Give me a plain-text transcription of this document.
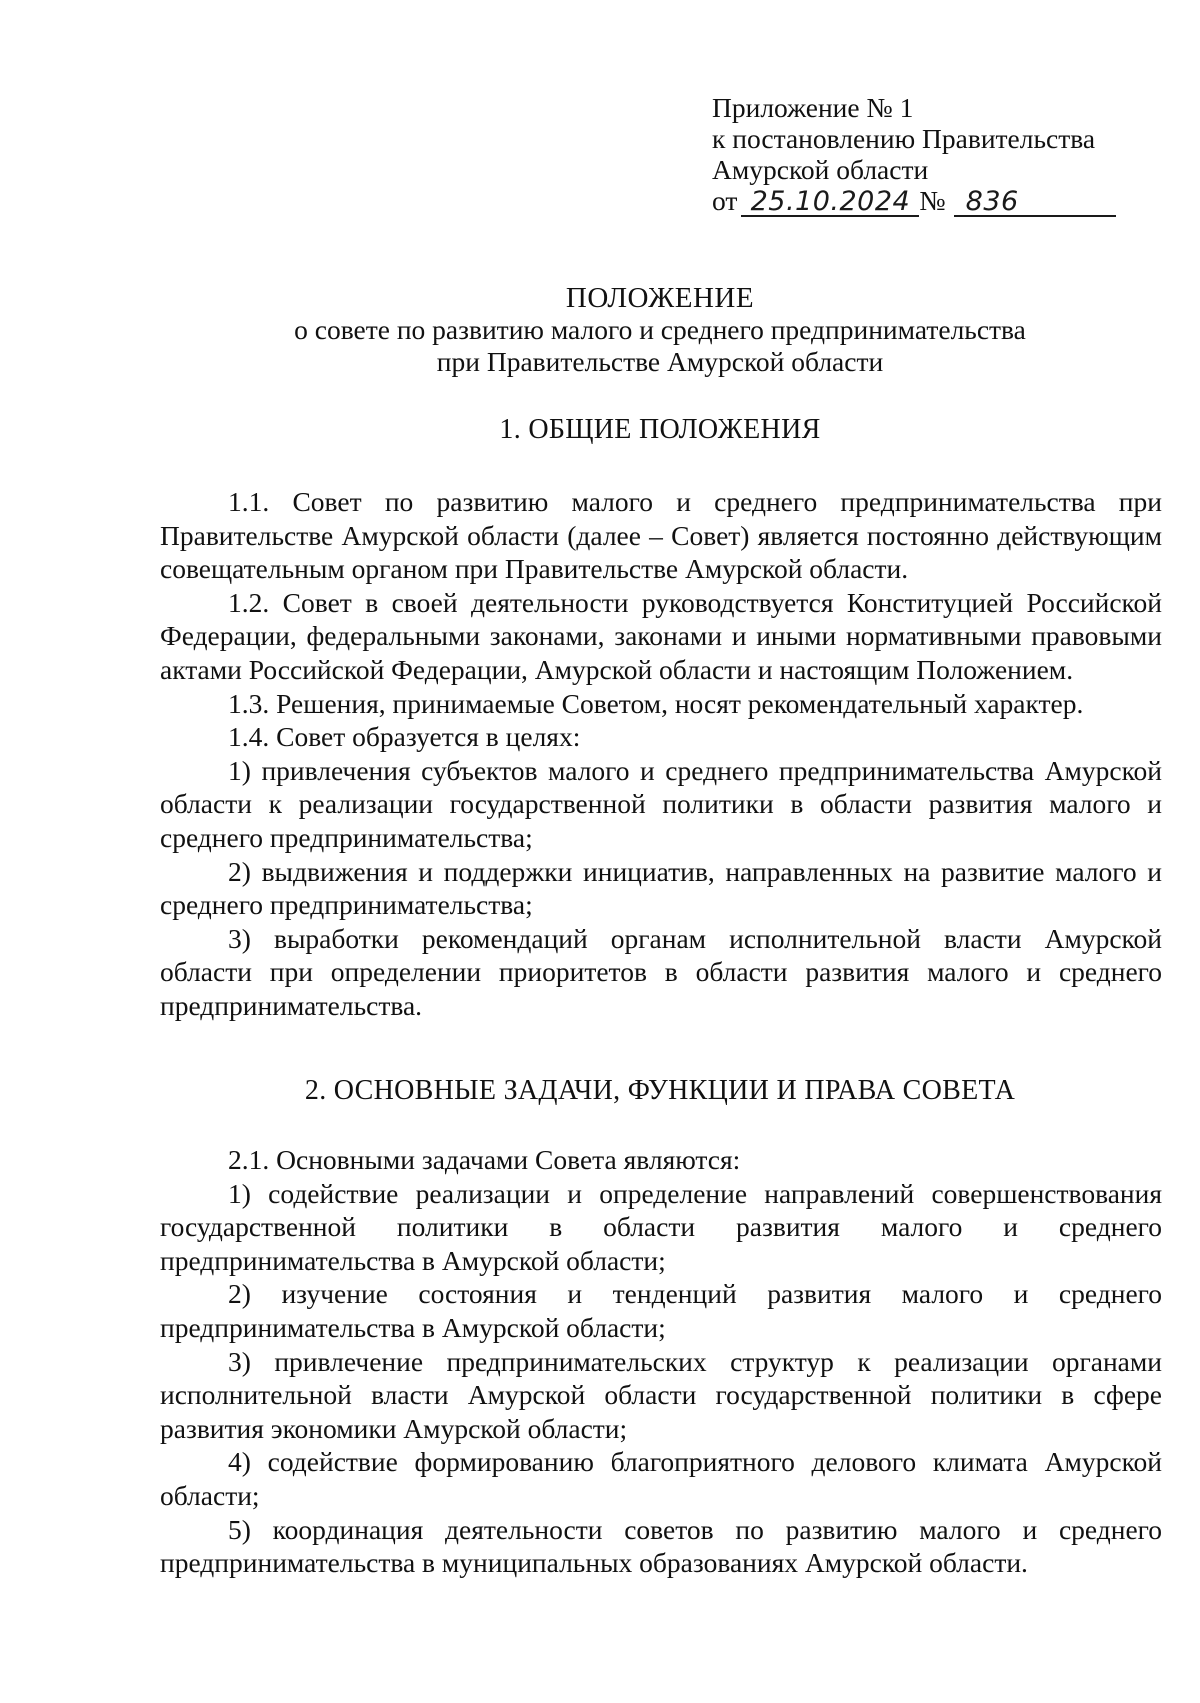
Приложение № 1
к постановлению Правительства
Амурской области
от 25.10.2024 № 836
ПОЛОЖЕНИЕ
о совете по развитию малого и среднего предпринимательства
при Правительстве Амурской области
1. ОБЩИЕ ПОЛОЖЕНИЯ

1.1. Совет по развитию малого и среднего предпринимательства при Правительстве Амурской области (далее – Совет) является постоянно действующим совещательным органом при Правительстве Амурской области.

1.2. Совет в своей деятельности руководствуется Конституцией Российской Федерации, федеральными законами, законами и иными нормативными правовыми актами Российской Федерации, Амурской области и настоящим Положением.

1.3. Решения, принимаемые Советом, носят рекомендательный характер.

1.4. Совет образуется в целях:

1) привлечения субъектов малого и среднего предпринимательства Амурской области к реализации государственной политики в области развития малого и среднего предпринимательства;

2) выдвижения и поддержки инициатив, направленных на развитие малого и среднего предпринимательства;

3) выработки рекомендаций органам исполнительной власти Амурской области при определении приоритетов в области развития малого и среднего предпринимательства.

2. ОСНОВНЫЕ ЗАДАЧИ, ФУНКЦИИ И ПРАВА СОВЕТА

2.1. Основными задачами Совета являются:

1) содействие реализации и определение направлений совершенствования государственной политики в области развития малого и среднего предпринимательства в Амурской области;

2) изучение состояния и тенденций развития малого и среднего предпринимательства в Амурской области;

3) привлечение предпринимательских структур к реализации органами исполнительной власти Амурской области государственной политики в сфере развития экономики Амурской области;

4) содействие формированию благоприятного делового климата Амурской области;

5) координация деятельности советов по развитию малого и среднего предпринимательства в муниципальных образованиях Амурской области.
